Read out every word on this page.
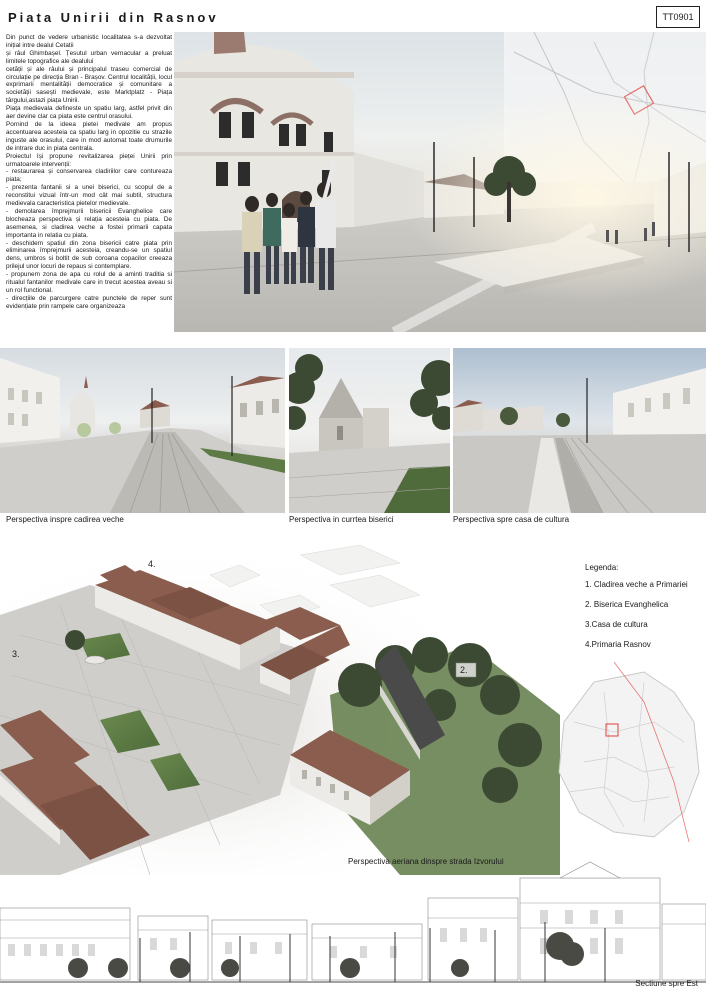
Piata Unirii din Rasnov	TT0901

Din punct de vedere urbanistic localitatea s-a dezvoltat inițial intre dealul Cetatii

și râul Ghimbașel. Țesutul urban vernacular a preluat limitele topografice ale dealului

cetății și ale râului și principalul traseu comercial de circulație pe direcția Bran - Brașov. Centrul localității, locul exprimarii mentalității democratice și comunitare a societății sasești medievale, este Marktplatz - Piața târgului,astazi piața Unirii.

Piața medievala defineste un spatiu larg, astfel privit din aer devine clar ca piata este centrul orasului.

Pornind de la ideea pietei medivale am propus accentuarea acesteia ca spatiu larg in opozitie cu strazile inguste ale orasului, care in mod automat toate drumurile de intrare duc in piata centrala.

Proiectul își propune revitalizarea pieței Unirii prin urmatoarele intervenții:

- restaurarea și conservarea cladiriilor care contureaza piata;

- prezenta fantanii si a unei biserici, cu scopul de a reconstitui vizual într-un mod cât mai subtil, structura medievala caracteristica pietelor medievale.

- demolarea împrejmurii bisericii Evanghelice care blocheaza perspectiva și relația acesteia cu piata. De asemenea, si cladirea veche a fostei primarii capata importanta in relatia cu piata.

- deschidem spatiul din zona bisericii catre piata prin eliminarea împrejmurii acesteia, creandu-se un spatiul dens, umbros si boltit de sub coroana copacilor creeaza prilejul unor locuri de repaus si contemplare.

- propunem zona de apa cu rolul de a aminti traditia si ritualul fantanilor medivale care in trecut acestea aveau si un rol functional.

- direcțiile de parcurgere catre punctele de reper sunt evidențiate prin rampele care organizeaza

Perspectiva inspre cadirea veche	Perspectiva in currtea biserici	Perspectiva spre casa de cultura
4.
3.
2.
Perspectiva aeriana dinspre strada Izvorului
Legenda:
1. Cladirea veche a Primariei
2. Biserica Evanghelica
3.Casa de cultura
4.Primaria Rasnov
Sectiune spre Est
